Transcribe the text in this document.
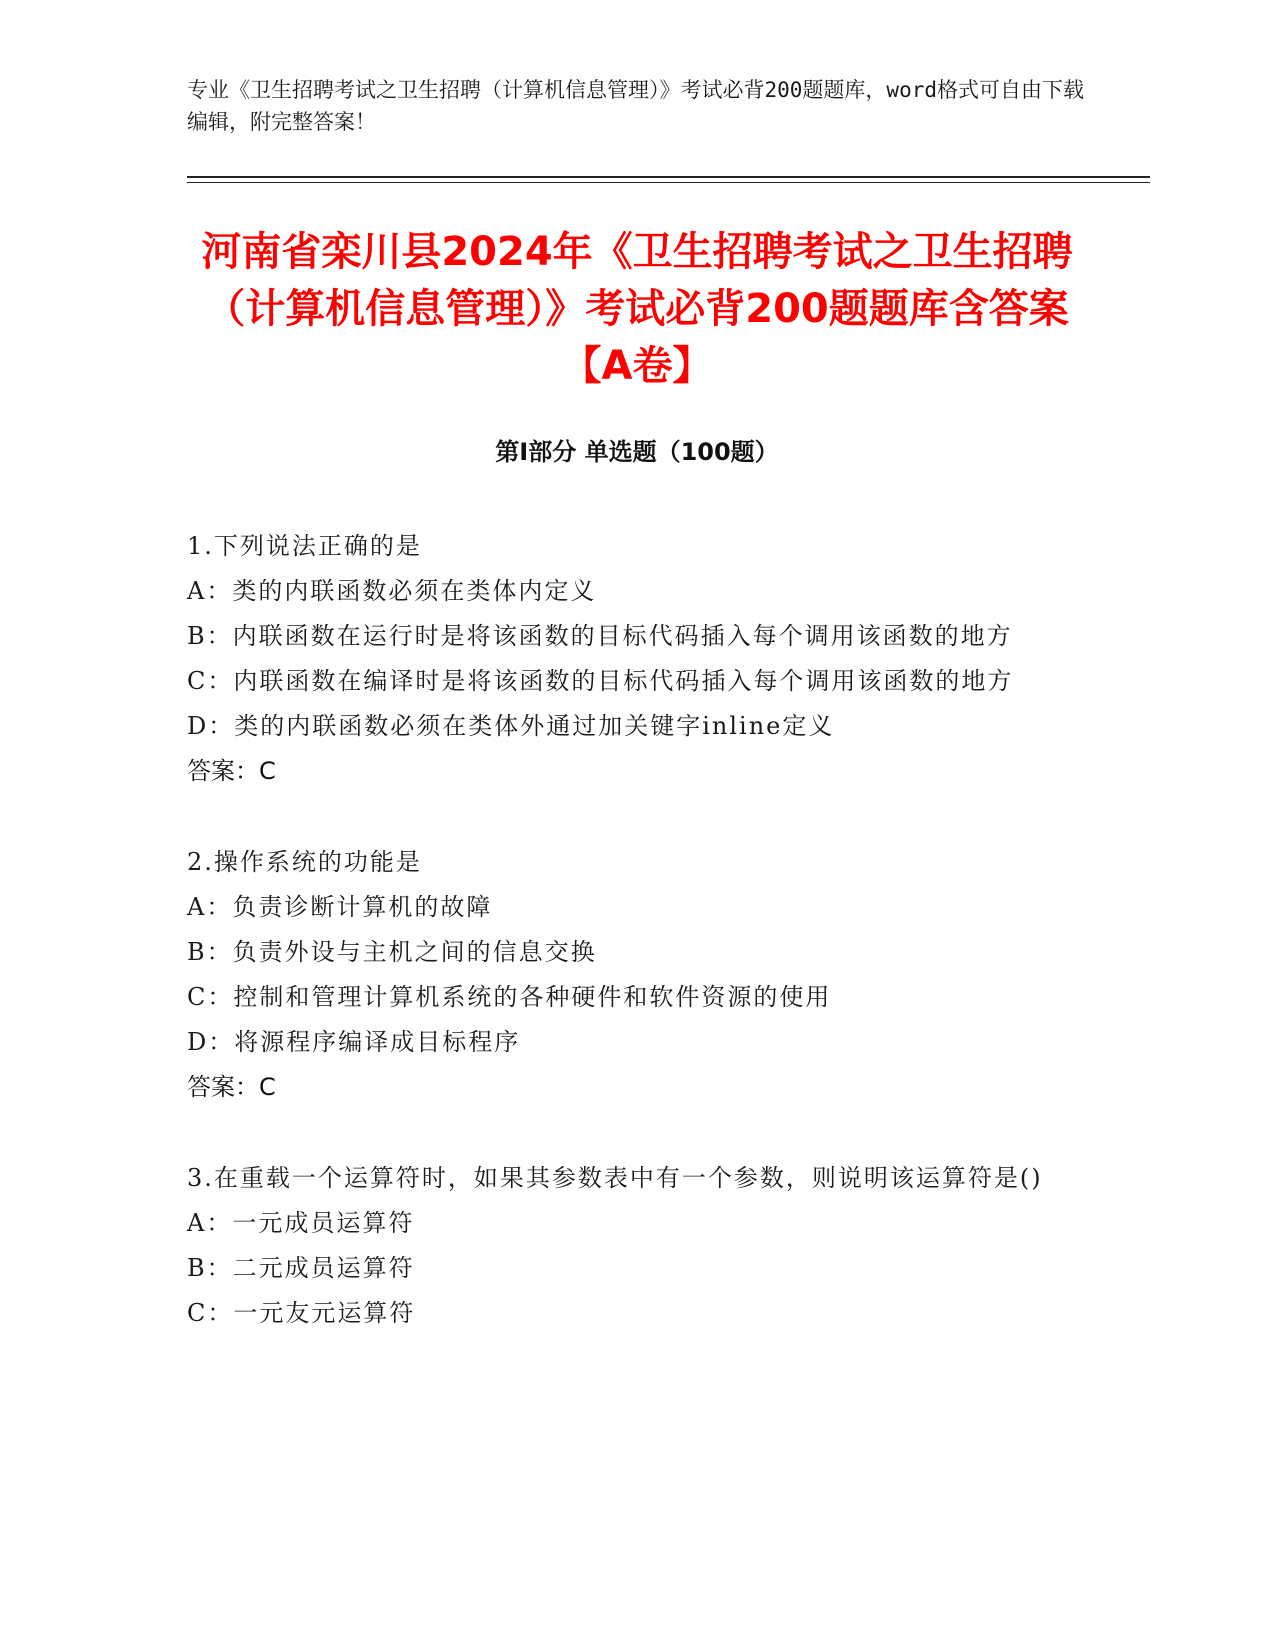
专业《卫生招聘考试之卫生招聘（计算机信息管理）》考试必背200题题库，word格式可自由下载编辑，附完整答案！
河南省栾川县2024年《卫生招聘考试之卫生招聘（计算机信息管理）》考试必背200题题库含答案【A卷】
第Ⅰ部分 单选题（100题）
1.下列说法正确的是
A：类的内联函数必须在类体内定义
B：内联函数在运行时是将该函数的目标代码插入每个调用该函数的地方
C：内联函数在编译时是将该函数的目标代码插入每个调用该函数的地方
D：类的内联函数必须在类体外通过加关键字inline定义
答案：C
2.操作系统的功能是
A：负责诊断计算机的故障
B：负责外设与主机之间的信息交换
C：控制和管理计算机系统的各种硬件和软件资源的使用
D：将源程序编译成目标程序
答案：C
3.在重载一个运算符时，如果其参数表中有一个参数，则说明该运算符是()
A：一元成员运算符
B：二元成员运算符
C：一元友元运算符
